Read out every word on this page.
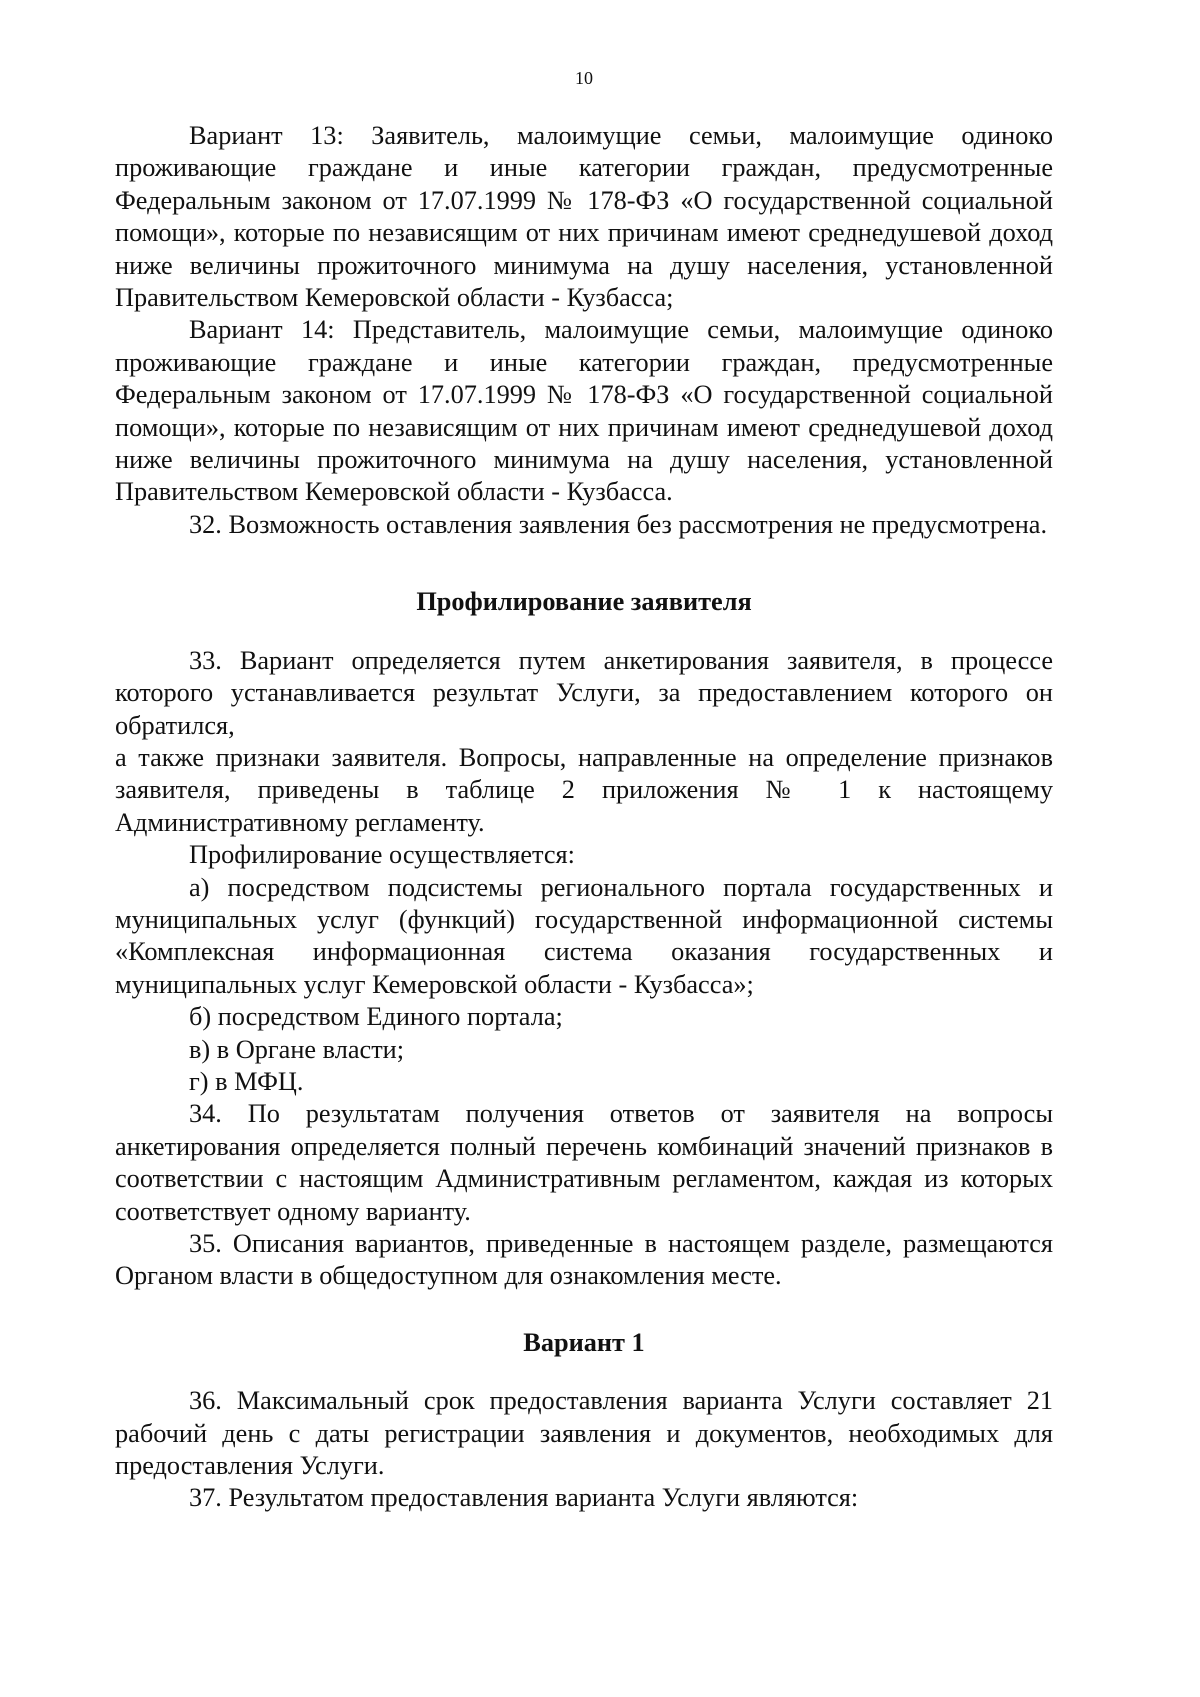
10

Вариант 13: Заявитель, малоимущие семьи, малоимущие одиноко проживающие граждане и иные категории граждан, предусмотренные Федеральным законом от 17.07.1999 № 178-ФЗ «О государственной социальной помощи», которые по независящим от них причинам имеют среднедушевой доход ниже величины прожиточного минимума на душу населения, установленной Правительством Кемеровской области - Кузбасса;

Вариант 14: Представитель, малоимущие семьи, малоимущие одиноко проживающие граждане и иные категории граждан, предусмотренные Федеральным законом от 17.07.1999 № 178-ФЗ «О государственной социальной помощи», которые по независящим от них причинам имеют среднедушевой доход ниже величины прожиточного минимума на душу населения, установленной Правительством Кемеровской области - Кузбасса.

32. Возможность оставления заявления без рассмотрения не предусмотрена.

Профилирование заявителя

33. Вариант определяется путем анкетирования заявителя, в процессе которого устанавливается результат Услуги, за предоставлением которого он обратился,

а также признаки заявителя. Вопросы, направленные на определение признаков заявителя, приведены в таблице 2 приложения № 1 к настоящему Административному регламенту.

Профилирование осуществляется:

а) посредством подсистемы регионального портала государственных и муниципальных услуг (функций) государственной информационной системы «Комплексная информационная система оказания государственных и муниципальных услуг Кемеровской области - Кузбасса»;

б) посредством Единого портала;

в) в Органе власти;

г) в МФЦ.

34. По результатам получения ответов от заявителя на вопросы анкетирования определяется полный перечень комбинаций значений признаков в соответствии с настоящим Административным регламентом, каждая из которых соответствует одному варианту.

35. Описания вариантов, приведенные в настоящем разделе, размещаются Органом власти в общедоступном для ознакомления месте.

Вариант 1

36. Максимальный срок предоставления варианта Услуги составляет 21 рабочий день с даты регистрации заявления и документов, необходимых для предоставления Услуги.

37. Результатом предоставления варианта Услуги являются:
